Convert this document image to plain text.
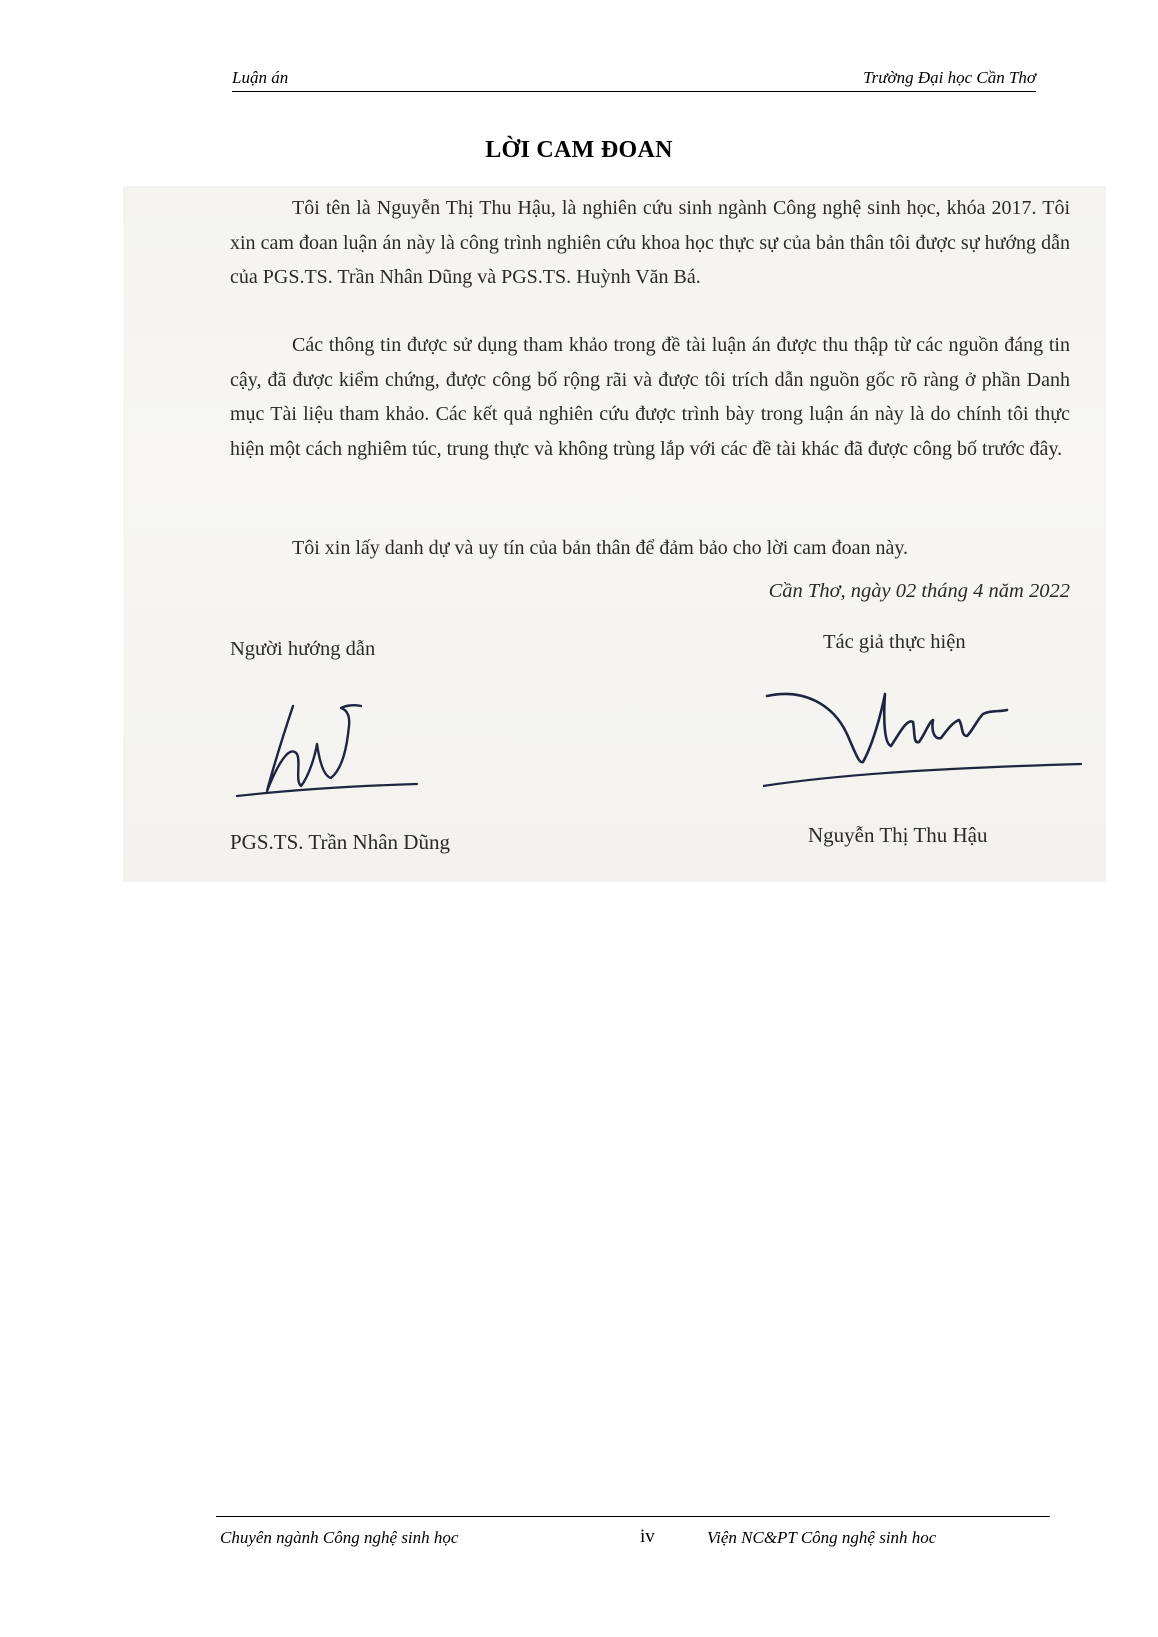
Luận án	Trường Đại học Cần Thơ
LỜI CAM ĐOAN

Tôi tên là Nguyễn Thị Thu Hậu, là nghiên cứu sinh ngành Công nghệ sinh học, khóa 2017. Tôi xin cam đoan luận án này là công trình nghiên cứu khoa học thực sự của bản thân tôi được sự hướng dẫn của PGS.TS. Trần Nhân Dũng và PGS.TS. Huỳnh Văn Bá.

Các thông tin được sử dụng tham khảo trong đề tài luận án được thu thập từ các nguồn đáng tin cậy, đã được kiểm chứng, được công bố rộng rãi và được tôi trích dẫn nguồn gốc rõ ràng ở phần Danh mục Tài liệu tham khảo. Các kết quả nghiên cứu được trình bày trong luận án này là do chính tôi thực hiện một cách nghiêm túc, trung thực và không trùng lắp với các đề tài khác đã được công bố trước đây.

Tôi xin lấy danh dự và uy tín của bản thân để đảm bảo cho lời cam đoan này.

Cần Thơ, ngày 02 tháng 4 năm 2022
Người hướng dẫn	Tác giả thực hiện
PGS.TS. Trần Nhân Dũng	Nguyễn Thị Thu Hậu
Chuyên ngành Công nghệ sinh học	iv	Viện NC&PT Công nghệ sinh hoc
